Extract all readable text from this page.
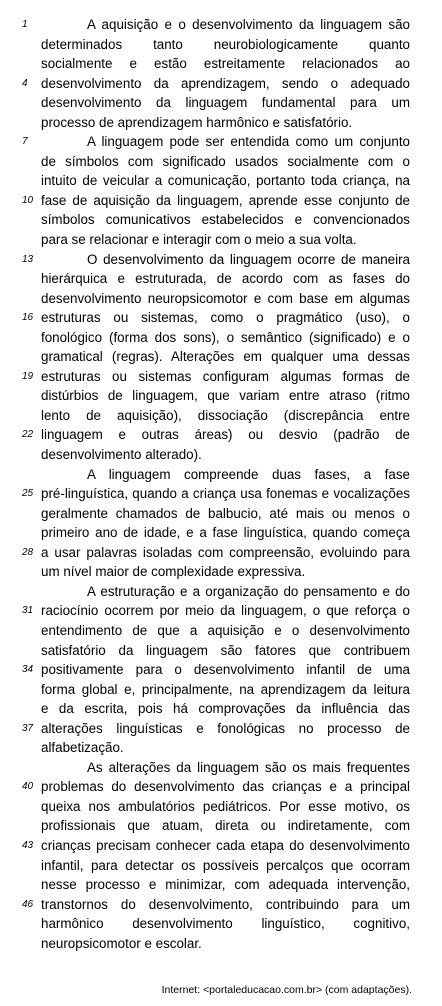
1	A aquisição e o desenvolvimento da linguagem são
determinados tanto neurobiologicamente quanto
socialmente e estão estreitamente relacionados ao
4	desenvolvimento da aprendizagem, sendo o adequado
desenvolvimento da linguagem fundamental para um
processo de aprendizagem harmônico e satisfatório.
7	A linguagem pode ser entendida como um conjunto
de símbolos com significado usados socialmente com o
intuito de veicular a comunicação, portanto toda criança, na
10 fase de aquisição da linguagem, aprende esse conjunto de
símbolos comunicativos estabelecidos e convencionados
para se relacionar e interagir com o meio a sua volta.
13	O desenvolvimento da linguagem ocorre de maneira
hierárquica e estruturada, de acordo com as fases do
desenvolvimento neuropsicomotor e com base em algumas
16 estruturas ou sistemas, como o pragmático (uso), o
fonológico (forma dos sons), o semântico (significado) e o
gramatical (regras). Alterações em qualquer uma dessas
19 estruturas ou sistemas configuram algumas formas de
distúrbios de linguagem, que variam entre atraso (ritmo
lento de aquisição), dissociação (discrepância entre
22 linguagem e outras áreas) ou desvio (padrão de
desenvolvimento alterado).
A linguagem compreende duas fases, a fase
25 pré-linguística, quando a criança usa fonemas e vocalizações
geralmente chamados de balbucio, até mais ou menos o
primeiro ano de idade, e a fase linguística, quando começa
28 a usar palavras isoladas com compreensão, evoluindo para
um nível maior de complexidade expressiva.
A estruturação e a organização do pensamento e do
31 raciocínio ocorrem por meio da linguagem, o que reforça o
entendimento de que a aquisição e o desenvolvimento
satisfatório da linguagem são fatores que contribuem
34 positivamente para o desenvolvimento infantil de uma
forma global e, principalmente, na aprendizagem da leitura
e da escrita, pois há comprovações da influência das
37 alterações linguísticas e fonológicas no processo de
alfabetização.
As alterações da linguagem são os mais frequentes
40 problemas do desenvolvimento das crianças e a principal
queixa nos ambulatórios pediátricos. Por esse motivo, os
profissionais que atuam, direta ou indiretamente, com
43 crianças precisam conhecer cada etapa do desenvolvimento
infantil, para detectar os possíveis percalços que ocorram
nesse processo e minimizar, com adequada intervenção,
46 transtornos do desenvolvimento, contribuindo para um
harmônico desenvolvimento linguístico, cognitivo,
neuropsicomotor e escolar.
Internet: <portaleducacao.com.br> (com adaptações).
